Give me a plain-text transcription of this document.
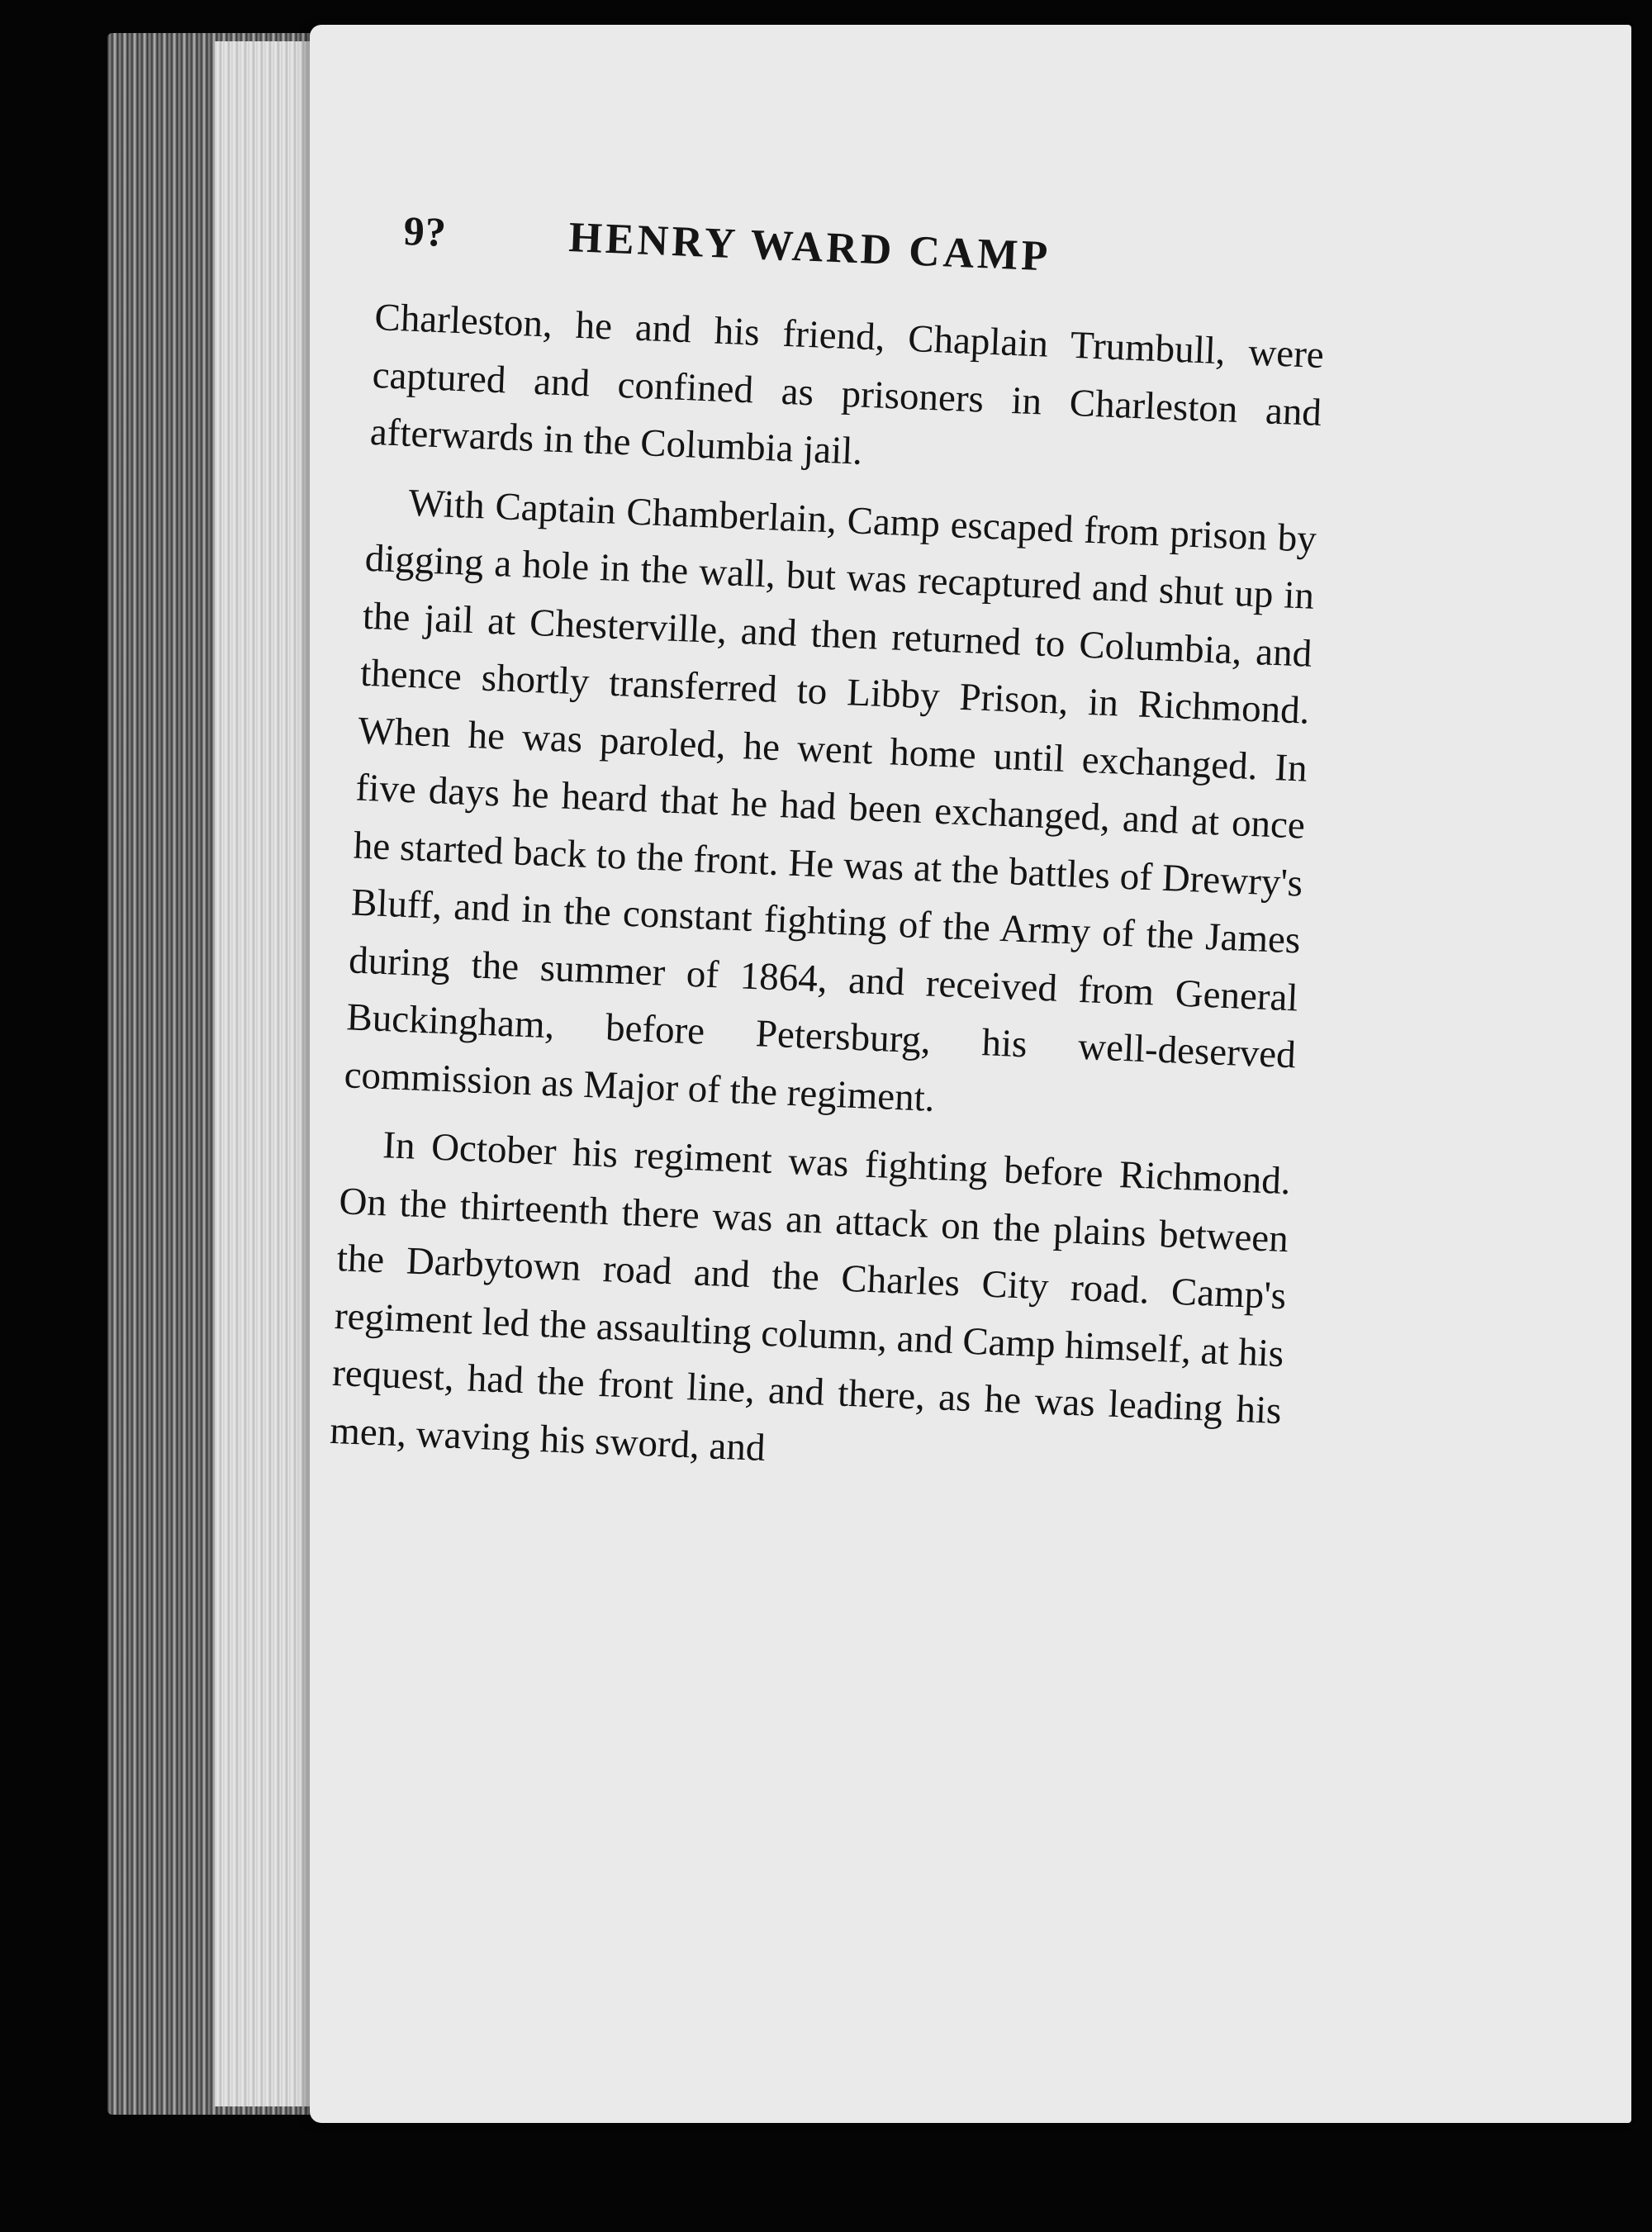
9?	HENRY WARD CAMP

Charleston, he and his friend, Chaplain Trumbull, were captured and confined as prisoners in Charleston and afterwards in the Columbia jail.

With Captain Chamberlain, Camp escaped from prison by digging a hole in the wall, but was recaptured and shut up in the jail at Chesterville, and then returned to Columbia, and thence shortly transferred to Libby Prison, in Richmond. When he was paroled, he went home until exchanged. In five days he heard that he had been exchanged, and at once he started back to the front. He was at the battles of Drewry's Bluff, and in the constant fighting of the Army of the James during the summer of 1864, and received from General Buckingham, before Petersburg, his well-deserved commission as Major of the regiment.

In October his regiment was fighting before Richmond. On the thirteenth there was an attack on the plains between the Darbytown road and the Charles City road. Camp's regiment led the assaulting column, and Camp himself, at his request, had the front line, and there, as he was leading his men, waving his sword, and
